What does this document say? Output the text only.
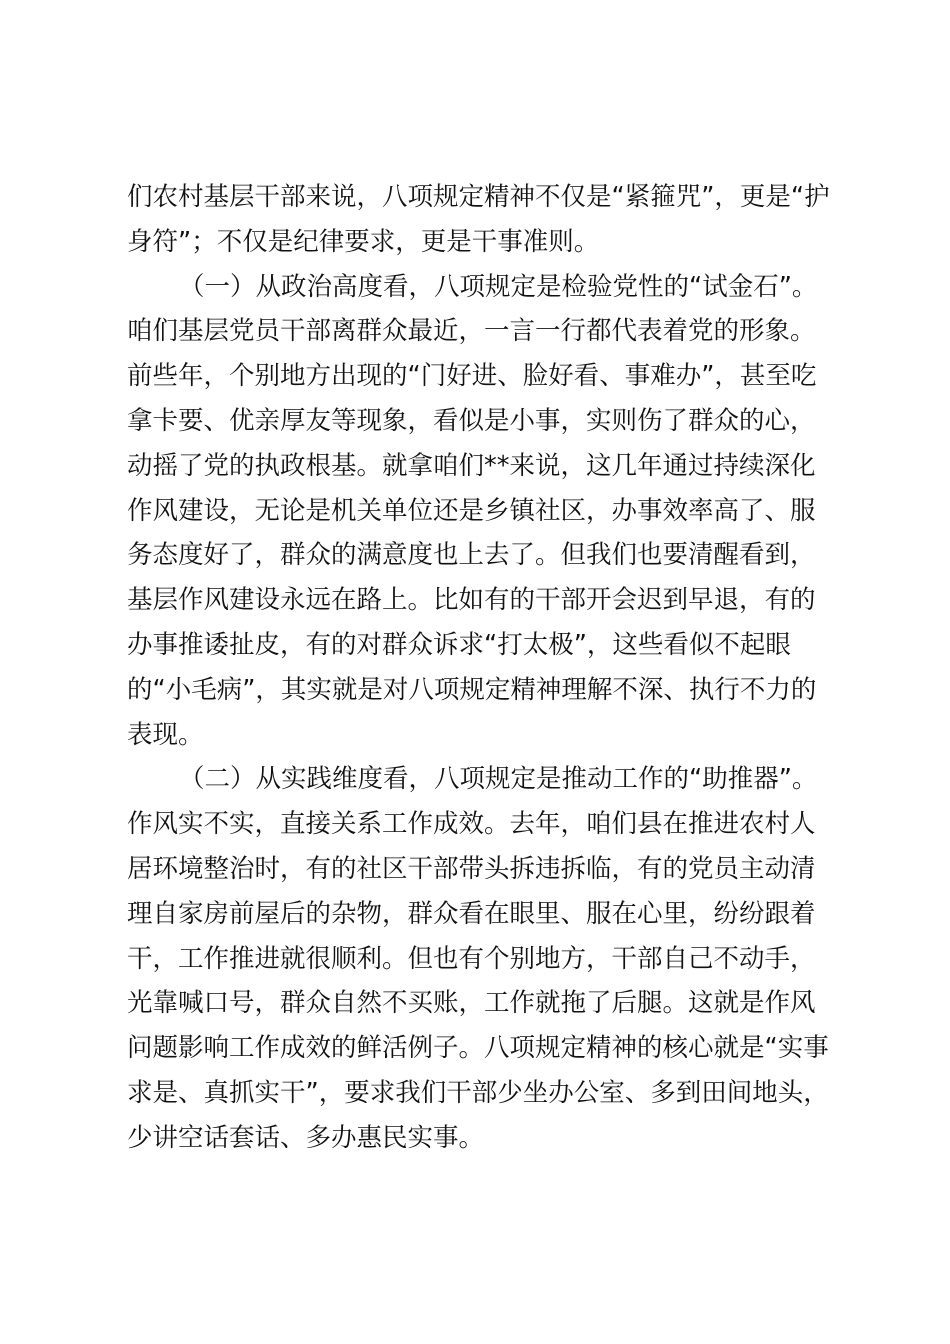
们农村基层干部来说，八项规定精神不仅是“紧箍咒”，更是“护
身符”；不仅是纪律要求，更是干事准则。
（一）从政治高度看，八项规定是检验党性的“试金石”。
咱们基层党员干部离群众最近，一言一行都代表着党的形象。
前些年，个别地方出现的“门好进、脸好看、事难办”，甚至吃
拿卡要、优亲厚友等现象，看似是小事，实则伤了群众的心，
动摇了党的执政根基。就拿咱们**来说，这几年通过持续深化
作风建设，无论是机关单位还是乡镇社区，办事效率高了、服
务态度好了，群众的满意度也上去了。但我们也要清醒看到，
基层作风建设永远在路上。比如有的干部开会迟到早退，有的
办事推诿扯皮，有的对群众诉求“打太极”，这些看似不起眼
的“小毛病”，其实就是对八项规定精神理解不深、执行不力的
表现。
（二）从实践维度看，八项规定是推动工作的“助推器”。
作风实不实，直接关系工作成效。去年，咱们县在推进农村人
居环境整治时，有的社区干部带头拆违拆临，有的党员主动清
理自家房前屋后的杂物，群众看在眼里、服在心里，纷纷跟着
干，工作推进就很顺利。但也有个别地方，干部自己不动手，
光靠喊口号，群众自然不买账，工作就拖了后腿。这就是作风
问题影响工作成效的鲜活例子。八项规定精神的核心就是“实事
求是、真抓实干”，要求我们干部少坐办公室、多到田间地头，
少讲空话套话、多办惠民实事。
